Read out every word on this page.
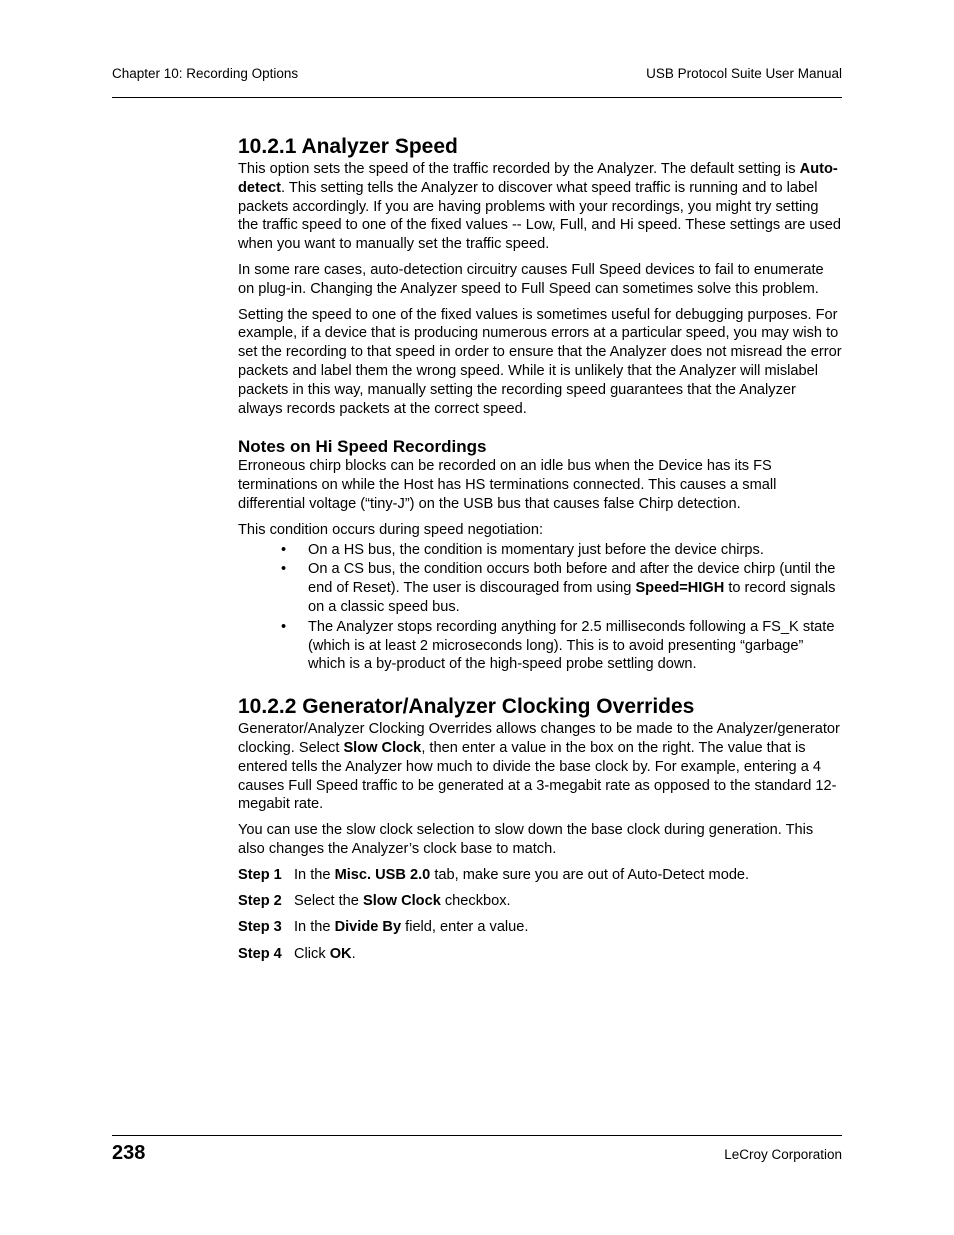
Chapter 10: Recording Options	USB Protocol Suite User Manual
10.2.1 Analyzer Speed

This option sets the speed of the traffic recorded by the Analyzer. The default setting is Auto-detect. This setting tells the Analyzer to discover what speed traffic is running and to label packets accordingly. If you are having problems with your recordings, you might try setting the traffic speed to one of the fixed values -- Low, Full, and Hi speed. These settings are used when you want to manually set the traffic speed.

In some rare cases, auto-detection circuitry causes Full Speed devices to fail to enumerate on plug-in. Changing the Analyzer speed to Full Speed can sometimes solve this problem.

Setting the speed to one of the fixed values is sometimes useful for debugging purposes. For example, if a device that is producing numerous errors at a particular speed, you may wish to set the recording to that speed in order to ensure that the Analyzer does not misread the error packets and label them the wrong speed. While it is unlikely that the Analyzer will mislabel packets in this way, manually setting the recording speed guarantees that the Analyzer always records packets at the correct speed.

Notes on Hi Speed Recordings

Erroneous chirp blocks can be recorded on an idle bus when the Device has its FS terminations on while the Host has HS terminations connected. This causes a small differential voltage (“tiny-J”) on the USB bus that causes false Chirp detection.

This condition occurs during speed negotiation:

• On a HS bus, the condition is momentary just before the device chirps.
• On a CS bus, the condition occurs both before and after the device chirp (until the end of Reset). The user is discouraged from using Speed=HIGH to record signals on a classic speed bus.
• The Analyzer stops recording anything for 2.5 milliseconds following a FS_K state (which is at least 2 microseconds long). This is to avoid presenting “garbage” which is a by-product of the high-speed probe settling down.
10.2.2 Generator/Analyzer Clocking Overrides

Generator/Analyzer Clocking Overrides allows changes to be made to the Analyzer/generator clocking. Select Slow Clock, then enter a value in the box on the right. The value that is entered tells the Analyzer how much to divide the base clock by. For example, entering a 4 causes Full Speed traffic to be generated at a 3-megabit rate as opposed to the standard 12-megabit rate.

You can use the slow clock selection to slow down the base clock during generation. This also changes the Analyzer’s clock base to match.

Step 1 In the Misc. USB 2.0 tab, make sure you are out of Auto-Detect mode.
Step 2 Select the Slow Clock checkbox.
Step 3 In the Divide By field, enter a value.
Step 4 Click OK.
238	LeCroy Corporation
